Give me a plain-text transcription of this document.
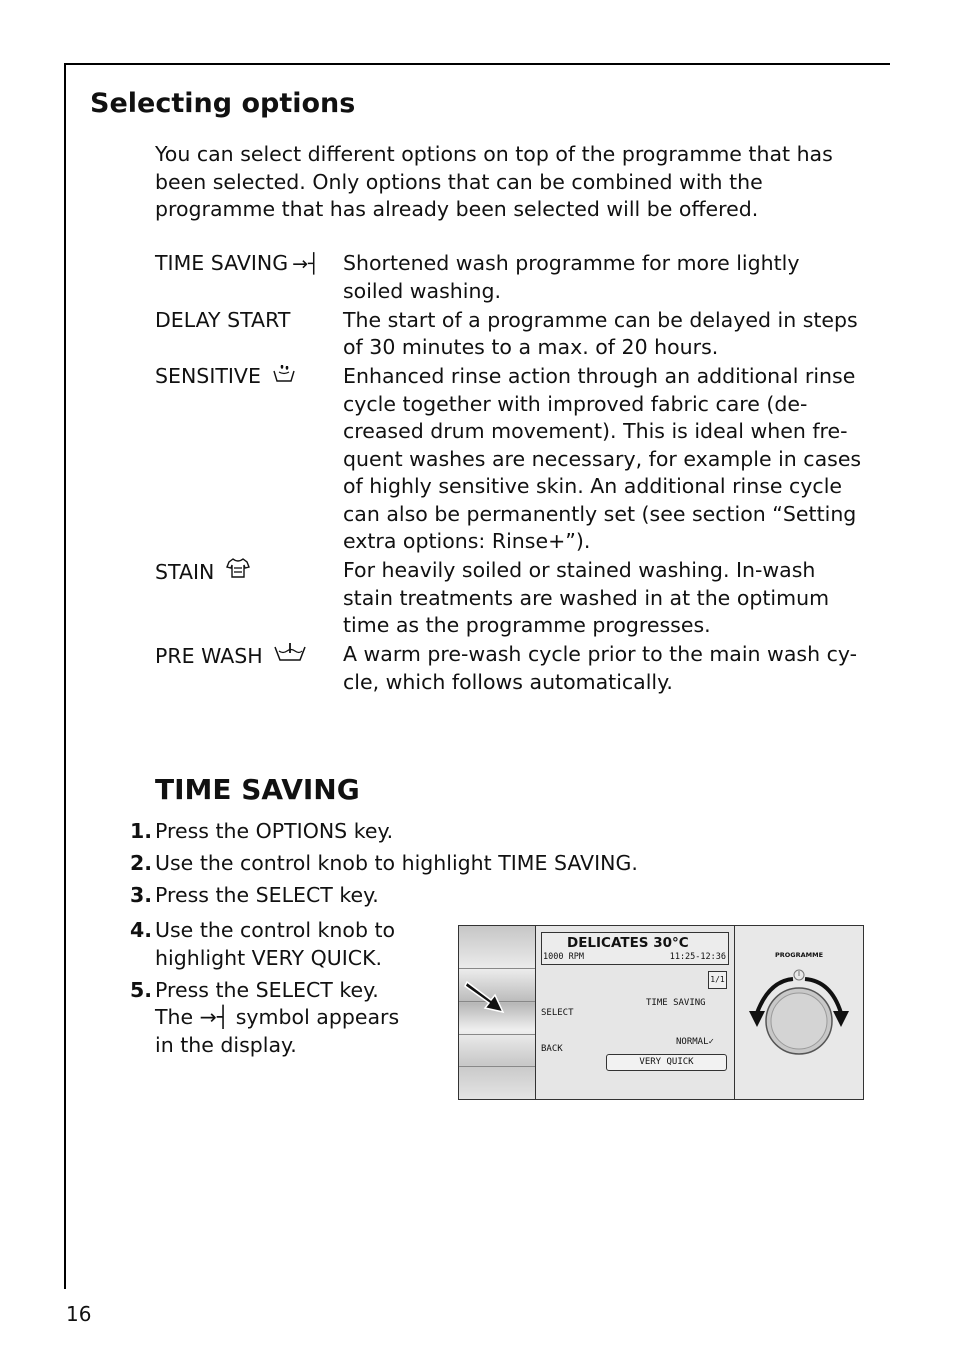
Selecting options

You can select different options on top of the programme that has been selected. Only options that can be combined with the programme that has already been selected will be offered.

TIME SAVING →┤	Shortened wash programme for more lightly soiled washing.
DELAY START	The start of a programme can be delayed in steps of 30 minutes to a max. of 20 hours.
SENSITIVE	Enhanced rinse action through an additional rinse cycle together with improved fabric care (de-creased drum movement). This is ideal when fre-quent washes are necessary, for example in cases of highly sensitive skin. An additional rinse cycle can also be permanently set (see section “Setting extra options: Rinse+”).
STAIN	For heavily soiled or stained washing. In-wash stain treatments are washed in at the optimum time as the programme progresses.
PRE WASH	A warm pre-wash cycle prior to the main wash cy-cle, which follows automatically.
TIME SAVING
1. Press the OPTIONS key.
2. Use the control knob to highlight TIME SAVING.
3. Press the SELECT key.
4. Use the control knob to highlight VERY QUICK.
5. Press the SELECT key. The →┤ symbol appears in the display.
DELICATES 30°C
1000 RPM	11:25-12:36
1/1
TIME SAVING
SELECT
BACK
NORMAL✓
VERY QUICK
PROGRAMME
16
